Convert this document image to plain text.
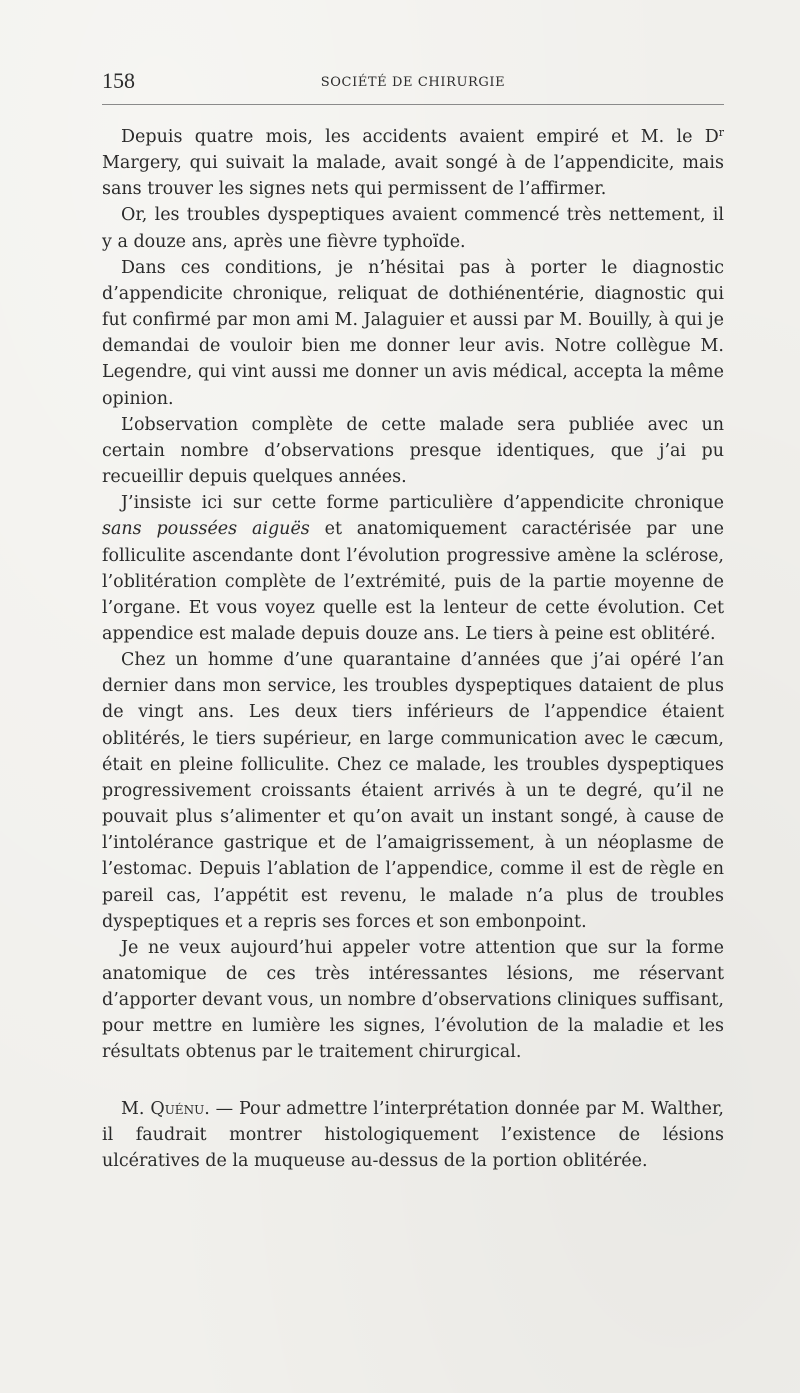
158	SOCIÉTÉ DE CHIRURGIE

Depuis quatre mois, les accidents avaient empiré et M. le $D^r$ Margery, qui suivait la malade, avait songé à de l’appendicite, mais sans trouver les signes nets qui permissent de l’affirmer.

Or, les troubles dyspeptiques avaient commencé très nettement, il y a douze ans, après une fièvre typhoïde.

Dans ces conditions, je n’hésitai pas à porter le diagnostic d’appendicite chronique, reliquat de dothiénentérie, diagnostic qui fut confirmé par mon ami M. Jalaguier et aussi par M. Bouilly, à qui je demandai de vouloir bien me donner leur avis. Notre collègue M. Legendre, qui vint aussi me donner un avis médical, accepta la même opinion.

L’observation complète de cette malade sera publiée avec un certain nombre d’observations presque identiques, que j’ai pu recueillir depuis quelques années.

J’insiste ici sur cette forme particulière d’appendicite chronique sans poussées aiguës et anatomiquement caractérisée par une folliculite ascendante dont l’évolution progressive amène la sclérose, l’oblitération complète de l’extrémité, puis de la partie moyenne de l’organe. Et vous voyez quelle est la lenteur de cette évolution. Cet appendice est malade depuis douze ans. Le tiers à peine est oblitéré.

Chez un homme d’une quarantaine d’années que j’ai opéré l’an dernier dans mon service, les troubles dyspeptiques dataient de plus de vingt ans. Les deux tiers inférieurs de l’appendice étaient oblitérés, le tiers supérieur, en large communication avec le cæcum, était en pleine folliculite. Chez ce malade, les troubles dyspeptiques progressivement croissants étaient arrivés à un te degré, qu’il ne pouvait plus s’alimenter et qu’on avait un instant songé, à cause de l’intolérance gastrique et de l’amaigrissement, à un néoplasme de l’estomac. Depuis l’ablation de l’appendice, comme il est de règle en pareil cas, l’appétit est revenu, le malade n’a plus de troubles dyspeptiques et a repris ses forces et son embonpoint.

Je ne veux aujourd’hui appeler votre attention que sur la forme anatomique de ces très intéressantes lésions, me réservant d’apporter devant vous, un nombre d’observations cliniques suffisant, pour mettre en lumière les signes, l’évolution de la maladie et les résultats obtenus par le traitement chirurgical.

M. Quénu. — Pour admettre l’interprétation donnée par M. Walther, il faudrait montrer histologiquement l’existence de lésions ulcératives de la muqueuse au-dessus de la portion oblitérée.
